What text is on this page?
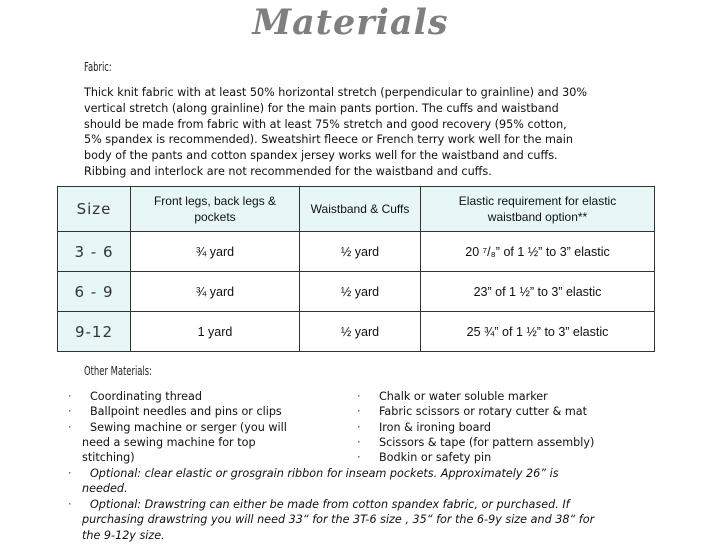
Materials
Fabric:
Thick knit fabric with at least 50% horizontal stretch (perpendicular to grainline) and 30%
vertical stretch (along grainline) for the main pants portion. The cuffs and waistband
should be made from fabric with at least 75% stretch and good recovery (95% cotton,
5% spandex is recommended). Sweatshirt fleece or French terry work well for the main
body of the pants and cotton spandex jersey works well for the waistband and cuffs.
Ribbing and interlock are not recommended for the waistband and cuffs.
Size	Front legs, back legs &
pockets	Waistband & Cuffs	Elastic requirement for elastic
waistband option**
3 - 6	¾ yard	½ yard	20 ⁷/₈” of 1 ½” to 3” elastic
6 - 9	¾ yard	½ yard	23” of 1 ½” to 3” elastic
9-12	1 yard	½ yard	25 ¾” of 1 ½” to 3” elastic
Other Materials:
· Coordinating thread
· Ballpoint needles and pins or clips
· Sewing machine or serger (you will
need a sewing machine for top
stitching)
· Chalk or water soluble marker
· Fabric scissors or rotary cutter & mat
· Iron & ironing board
· Scissors & tape (for pattern assembly)
· Bodkin or safety pin
· Optional: clear elastic or grosgrain ribbon for inseam pockets. Approximately 26” is
needed.
· Optional: Drawstring can either be made from cotton spandex fabric, or purchased. If
purchasing drawstring you will need 33“ for the 3T-6 size , 35“ for the 6-9y size and 38“ for
the 9-12y size.
